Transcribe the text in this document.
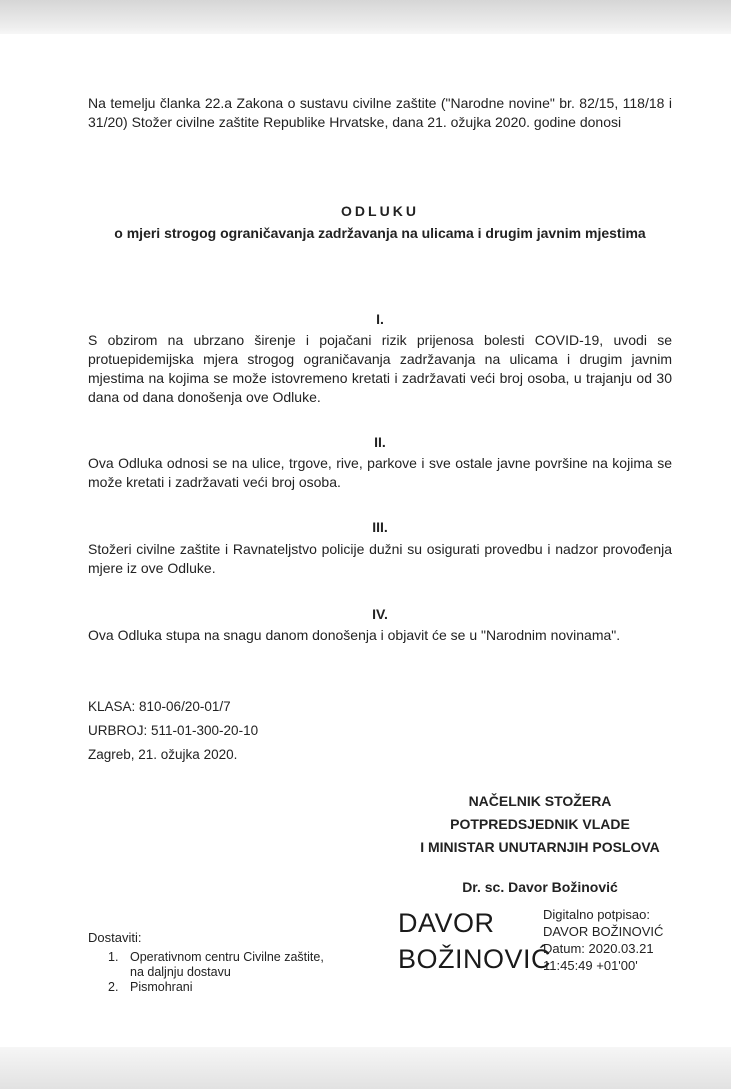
Na temelju članka 22.a Zakona o sustavu civilne zaštite ("Narodne novine" br. 82/15, 118/18 i 31/20) Stožer civilne zaštite Republike Hrvatske, dana 21. ožujka 2020. godine donosi
ODLUKU
o mjeri strogog ograničavanja zadržavanja na ulicama i drugim javnim mjestima
I.
S obzirom na ubrzano širenje i pojačani rizik prijenosa bolesti COVID-19, uvodi se protuepidemijska mjera strogog ograničavanja zadržavanja na ulicama i drugim javnim mjestima na kojima se može istovremeno kretati i zadržavati veći broj osoba, u trajanju od 30 dana od dana donošenja ove Odluke.
II.
Ova Odluka odnosi se na ulice, trgove, rive, parkove i sve ostale javne površine na kojima se može kretati i zadržavati veći broj osoba.
III.
Stožeri civilne zaštite i Ravnateljstvo policije dužni su osigurati provedbu i nadzor provođenja mjere iz ove Odluke.
IV.
Ova Odluka stupa na snagu danom donošenja i objavit će se u "Narodnim novinama".
KLASA: 810-06/20-01/7
URBROJ: 511-01-300-20-10
Zagreb, 21. ožujka 2020.
NAČELNIK STOŽERA
POTPREDSJEDNIK VLADE
I MINISTAR UNUTARNJIH POSLOVA
Dr. sc. Davor Božinović
DAVOR
BOŽINOVIĆ
Digitalno potpisao:
DAVOR BOŽINOVIĆ
Datum: 2020.03.21
11:45:49 +01'00'
Dostaviti:
1. Operativnom centru Civilne zaštite,
na daljnju dostavu
2. Pismohrani
